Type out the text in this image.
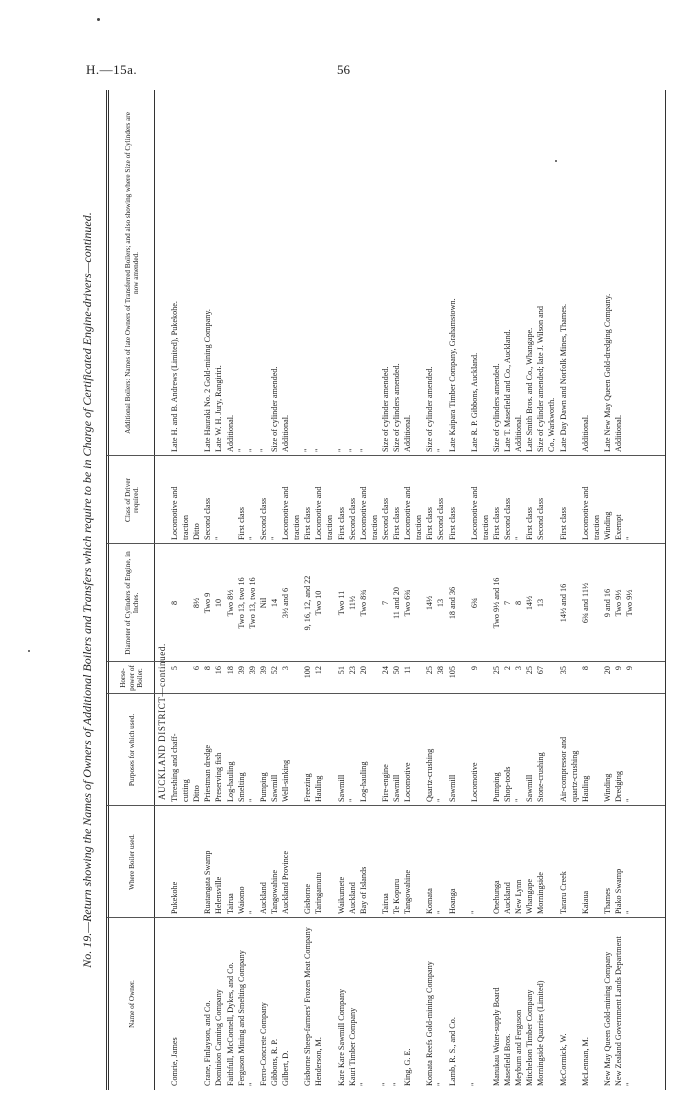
H.—15a.	56
No. 19.—Return showing the Names of Owners of Additional Boilers and Transfers which require to be in Charge of Certificated Engine-drivers—continued.
Name of Owner.
Where Boiler used.
Purposes for which used.
Horse-power of Boiler.
Diameter of Cylinders of Engine, in Inches.
Class of Driver required.
Additional Boilers: Names of late Owners of Transferred Boilers; and also showing where Size of Cylinders are now amended.
AUCKLAND DISTRICT—continued.
Comrie, James
Pukekohe
Threshing and chaff-
5
8
Locomotive and
Late H. and B. Andrews (Limited), Pukekohe.
cutting
traction
Ditto
6
8½
Ditto
Crane, Finlayson, and Co.
Ruatangata Swamp
Priestman dredge
8
Two 9
Second class
Late Hauraki No. 2 Gold-mining Company.
Dominion Canning Company
Helensville
Preserving fish
16
10
"
Late W. H. Jury, Rangiriri.
Faithfull, McConnell, Dykes, and Co.
Tairua
Log-hauling
18
Two 8½
Additional.
Ferguson Mining and Smelting Company
Waiomo
Smelting
39
Two 13, two 16
First class
"
"
"
"
39
Two 13, two 16
"
"
Ferro-Concrete Company
Auckland
Pumping
39
Nil
Second class
"
Gibbons, R. P.
Tangowahine
Sawmill
52
14
"
Size of cylinder amended.
Gilbert, D.
Auckland Province
Well-sinking
3
3½ and 6
Locomotive and
Additional.
traction
Gisborne Sheep-farmers' Frozen Meat Company
Gisborne
Freezing
100
9, 16, 12, and 22
First class
"
Henderson, M.
Taringamutu
Hauling
12
Two 10
Locomotive and
"
traction
Kare Kare Sawmill Company
Waikumete
Sawmill
51
Two 11
First class
"
Kauri Timber Company
Auckland
"
23
11½
Second class
"
"
Bay of Islands
Log-hauling
20
Two 8¾
Locomotive and
"
traction
"
Tairua
Fire-engine
24
7
Second class
Size of cylinder amended.
"
Te Kopuru
Sawmill
50
11 and 20
First class
Size of cylinders amended.
King, G. E.
Tangowahine
Locomotive
11
Two 6¾
Locomotive and
Additional.
traction
Komata Reefs Gold-mining Company
Komata
Quartz-crushing
25
14½
First class
Size of cylinder amended.
"
"
"
38
13
Second class
"
Lamb, R. S., and Co.
Hoanga
Sawmill
105
18 and 36
First class
Late Kaipara Timber Company, Grahamstown.
"
"
Locomotive
9
6¾
Locomotive and
Late R. P. Gibbons, Auckland.
traction
Manukau Water-supply Board
Onehunga
Pumping
25
Two 9½ and 16
First class
Size of cylinders amended.
Masefield Bros.
Auckland
Shop-tools
2
7
Second class
Late T. Masefield and Co., Auckland.
Meyburn and Ferguson
New Lynn
"
3
8
"
Additional.
Mitchelson Timber Company
Whangape
Sawmill
25
14½
First class
Late Smith Bros. and Co., Whangape.
Morningside Quarries (Limited)
Morningside
Stone-crushing
67
13
Second class
Size of cylinder amended; late J. Wilson and Co., Warkworth.
McCormick, W.
Tararu Creek
Air-compressor and
35
14½ and 16
First class
Late Day Dawn and Norfolk Mines, Thames.
quartz-crushing
McLennan, M.
Kaiaua
Hauling
8
6¾ and 11½
Locomotive and
Additional.
traction
New May Queen Gold-mining Company
Thames
Winding
20
9 and 16
Winding
Late New May Queen Gold-dredging Company.
New Zealand Government Lands Department
Piako Swamp
Dredging
9
Two 9½
Exempt
Additional.
"
"
"
9
Two 9½
"
